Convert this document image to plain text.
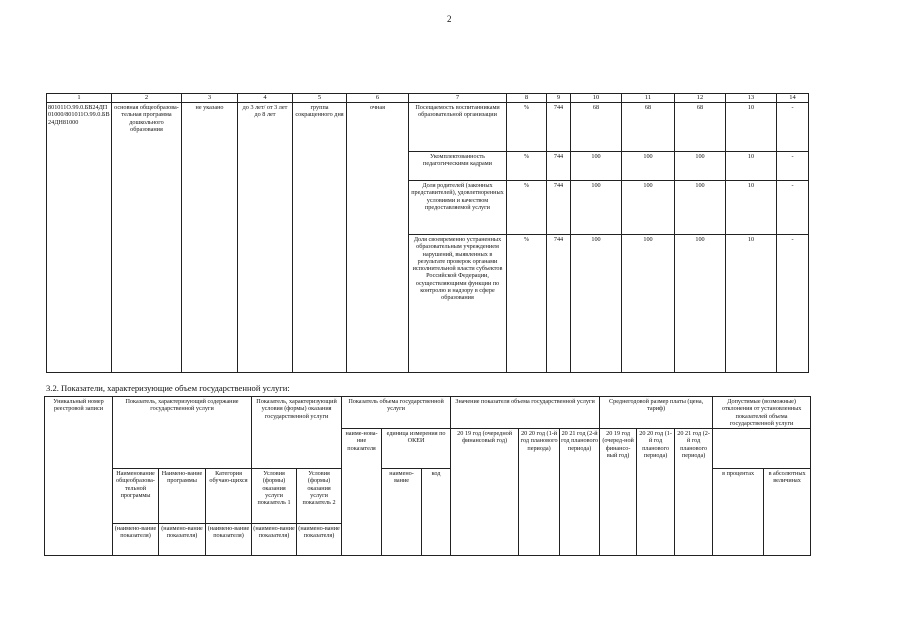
2
1	2	3	4	5	6	7	8	9	10	11	12	13	14
801011О.99.0.БВ24ДП01000/801011О.99.0.БВ24ДН81000	основная общеобразова-тельная программа дошкольного образования	не указано	до 3 лет/ от 3 лет до 8 лет	группа сокращенного дня	очная	Посещаемость воспитанниками образовательной организации	%	744	68	68	68	10	-
						Укомплектованность педагогическими кадрами	%	744	100	100	100	10	-
						Доля родителей (законных представителей), удовлетворенных условиями и качеством предоставляемой услуги	%	744	100	100	100	10	-
						Доля своевременно устраненных образовательным учреждением нарушений, выявленных в результате проверок органами исполнительной власти субъектов Российской Федерации, осуществляющими функции по контролю и надзору в сфере образования	%	744	100	100	100	10	-
3.2. Показатели, характеризующие объем государственной услуги:
Уникальный номер реестровой записи	Показатель, характеризующий содержание государственной услуги			Показатель, характеризующий условия (формы) оказания государственной услуги		Показатель объема государственной услуги			Значение показателя объема государственной услуги			Среднегодовой размер платы (цена, тариф)			Допустимые (возможные) отклонения от установленных показателей объема государственной услуги	
						наиме-нова-ние показателя	единица измерения по ОКЕИ		20 19 год (очередной финансовый год)	20 20 год (1-й год планового периода)	20 21 год (2-й год планового периода)	20 19 год (очеред-ной финансо-вый год)	20 20 год (1-й год планового периода)	20 21 год (2-й год планового периода)		
	Наименование общеобразова-тельной программы	Наимено-вание программы	Категория обучаю-щихся	Условия (формы) оказания услуги показатель 1	Условия (формы) оказания услуги показатель 2		наимено-вание	код							в процентах	в абсолютных величинах
	(наимено-вание показателя)	(наимено-вание показателя)	(наимено-вание показателя)	(наимено-вание показателя)	(наимено-вание показателя)											
